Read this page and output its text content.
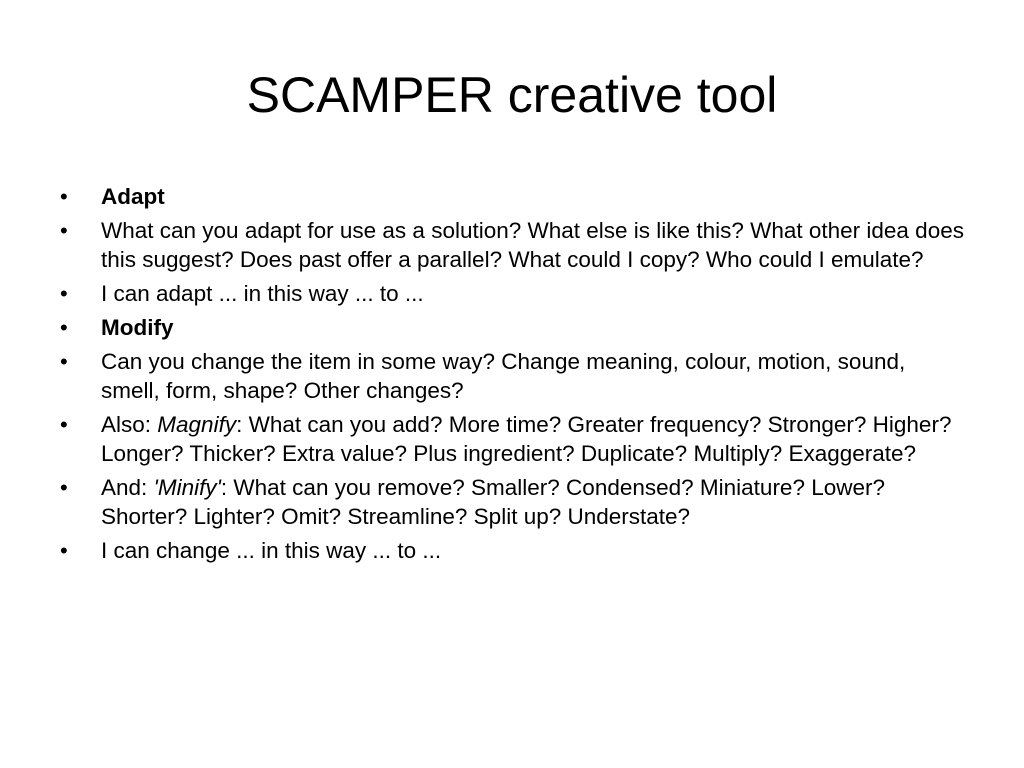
SCAMPER creative tool
•	Adapt
•	What can you adapt for use as a solution? What else is like this? What other idea does this suggest? Does past offer a parallel? What could I copy? Who could I emulate?
•	I can adapt ... in this way ... to ...
•	Modify
•	Can you change the item in some way? Change meaning, colour, motion, sound, smell, form, shape? Other changes?
•	Also: Magnify: What can you add? More time? Greater frequency? Stronger? Higher? Longer? Thicker? Extra value? Plus ingredient? Duplicate? Multiply? Exaggerate?
•	And: 'Minify': What can you remove? Smaller? Condensed? Miniature? Lower? Shorter? Lighter? Omit? Streamline? Split up? Understate?
•	I can change ... in this way ... to ...
